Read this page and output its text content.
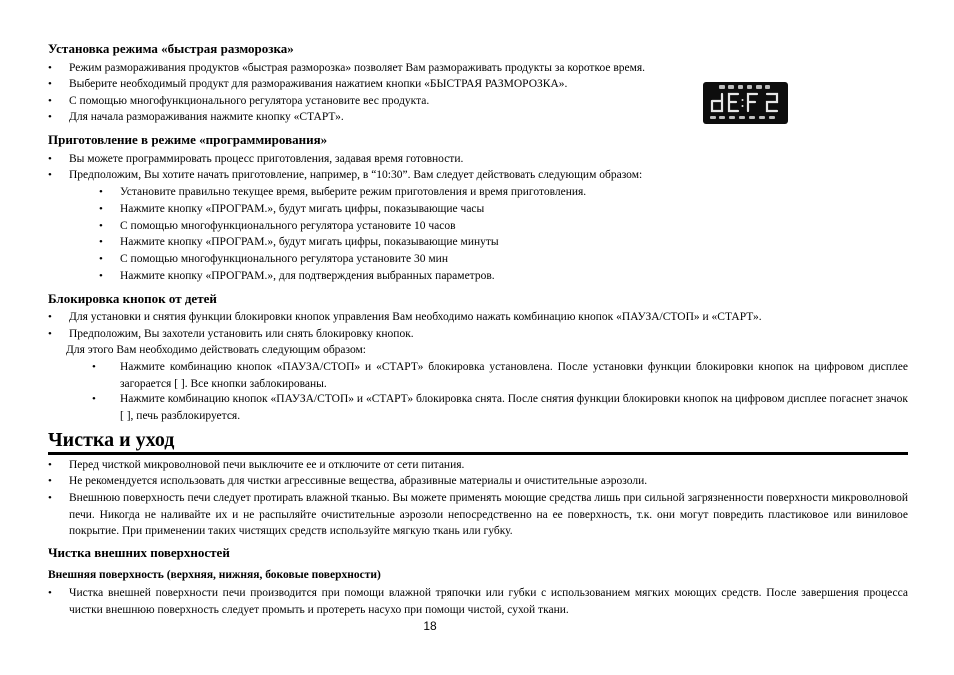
Установка режима «быстрая разморозка»
•	Режим размораживания продуктов «быстрая разморозка» позволяет Вам размораживать продукты за короткое время.
•	Выберите необходимый продукт для размораживания нажатием кнопки «БЫСТРАЯ РАЗМОРОЗКА».
•	С помощью многофункционального регулятора установите вес продукта.
•	Для начала размораживания нажмите кнопку «СТАРТ».
Приготовление в режиме «программирования»
•	Вы можете программировать процесс приготовления, задавая время готовности.
•	Предположим, Вы хотите начать приготовление, например, в “10:30”. Вам следует действовать следующим образом:
•	Установите правильно текущее время, выберите режим приготовления и время приготовления.
•	Нажмите кнопку «ПРОГРАМ.», будут мигать цифры, показывающие часы
•	С помощью многофункционального регулятора установите 10 часов
•	Нажмите кнопку «ПРОГРАМ.», будут мигать цифры, показывающие минуты
•	С помощью многофункционального регулятора установите 30 мин
•	Нажмите кнопку «ПРОГРАМ.», для подтверждения выбранных параметров.
Блокировка кнопок от детей
•	Для установки и снятия функции блокировки кнопок управления Вам необходимо нажать комбинацию кнопок «ПАУЗА/СТОП» и «СТАРТ».
•	Предположим, Вы захотели установить или снять блокировку кнопок.
Для этого Вам необходимо действовать следующим образом:
•	Нажмите комбинацию кнопок «ПАУЗА/СТОП» и «СТАРТ» блокировка установлена. После установки функции блокировки кнопок на цифровом дисплее загорается [ ]. Все кнопки заблокированы.
•	Нажмите комбинацию кнопок «ПАУЗА/СТОП» и «СТАРТ» блокировка снята. После снятия функции блокировки кнопок на цифровом дисплее погаснет значок [ ], печь разблокируется.
Чистка и уход
•	Перед чисткой микроволновой печи выключите ее и отключите от сети питания.
•	Не рекомендуется использовать для чистки агрессивные вещества, абразивные материалы и очистительные аэрозоли.
•	Внешнюю поверхность печи следует протирать влажной тканью. Вы можете применять моющие средства лишь при сильной загрязненности поверхности микроволновой печи. Никогда не наливайте их и не распыляйте очистительные аэрозоли непосредственно на ее поверхность, т.к. они могут повредить пластиковое или виниловое покрытие. При применении таких чистящих средств используйте мягкую ткань или губку.
Чистка внешних поверхностей
Внешняя поверхность (верхняя, нижняя, боковые поверхности)
•	Чистка внешней поверхности печи производится при помощи влажной тряпочки или губки с использованием мягких моющих средств. После завершения процесса чистки внешнюю поверхность следует промыть и протереть насухо при помощи чистой, сухой ткани.
18
